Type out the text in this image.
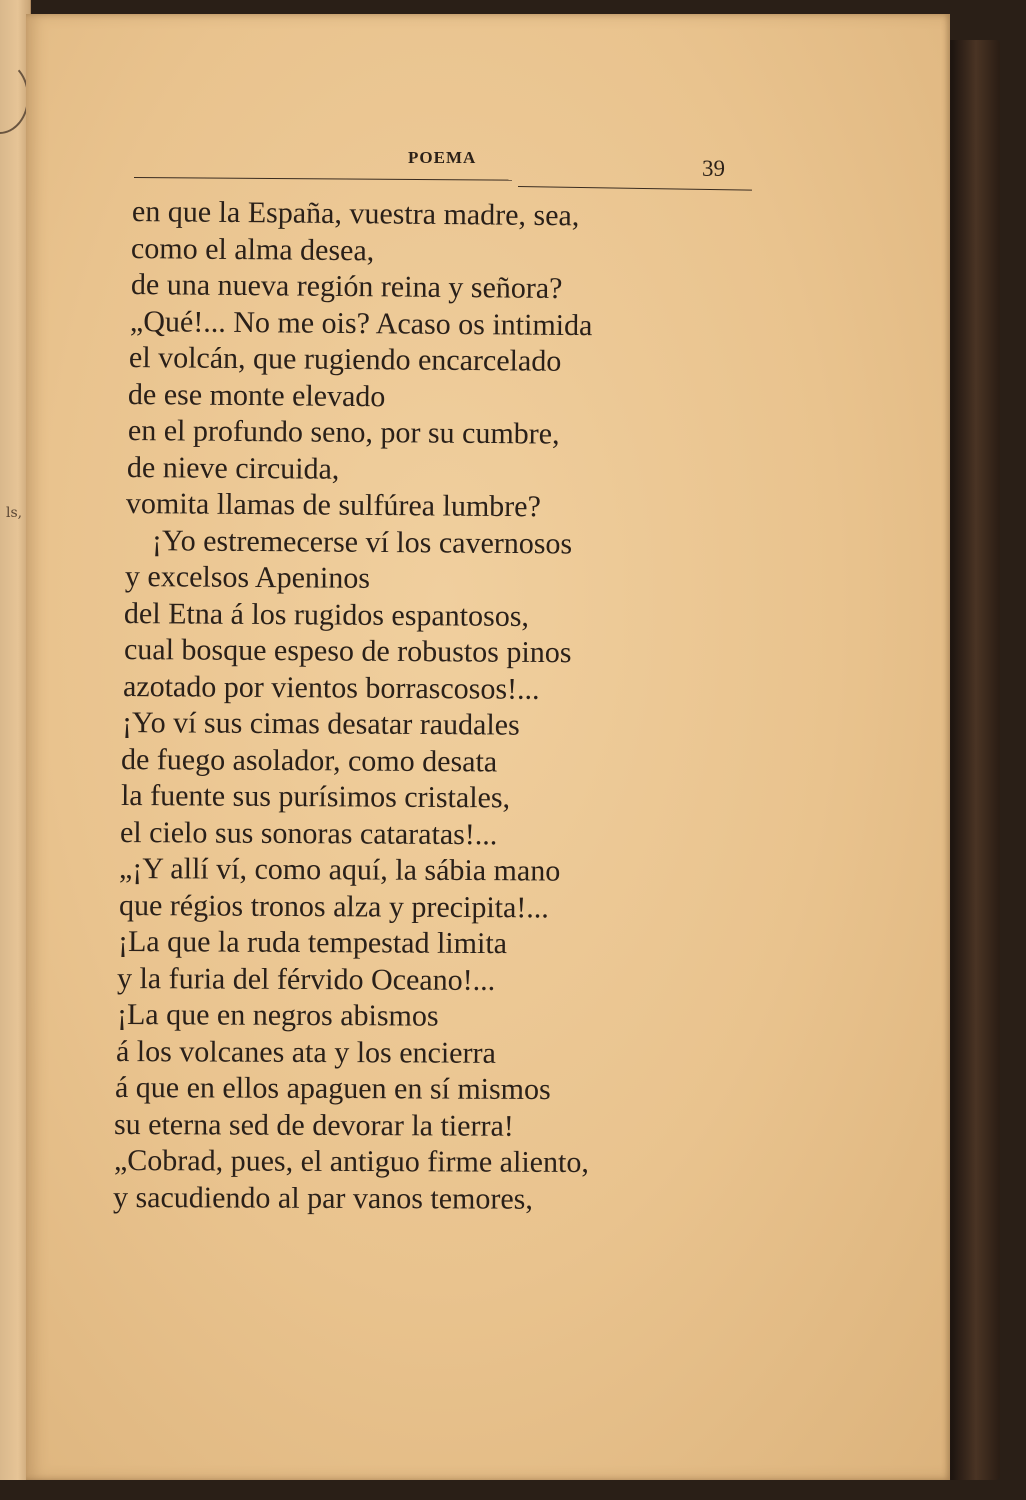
ls,
POEMA	39
en que la España, vuestra madre, sea,
como el alma desea,
de una nueva región reina y señora?
„Qué!... No me ois? Acaso os intimida
el volcán, que rugiendo encarcelado
de ese monte elevado
en el profundo seno, por su cumbre,
de nieve circuida,
vomita llamas de sulfúrea lumbre?
¡Yo estremecerse ví los cavernosos
y excelsos Apeninos
del Etna á los rugidos espantosos,
cual bosque espeso de robustos pinos
azotado por vientos borrascosos!...
¡Yo ví sus cimas desatar raudales
de fuego asolador, como desata
la fuente sus purísimos cristales,
el cielo sus sonoras cataratas!...
„¡Y allí ví, como aquí, la sábia mano
que régios tronos alza y precipita!...
¡La que la ruda tempestad limita
y la furia del férvido Oceano!...
¡La que en negros abismos
á los volcanes ata y los encierra
á que en ellos apaguen en sí mismos
su eterna sed de devorar la tierra!
„Cobrad, pues, el antiguo firme aliento,
y sacudiendo al par vanos temores,
